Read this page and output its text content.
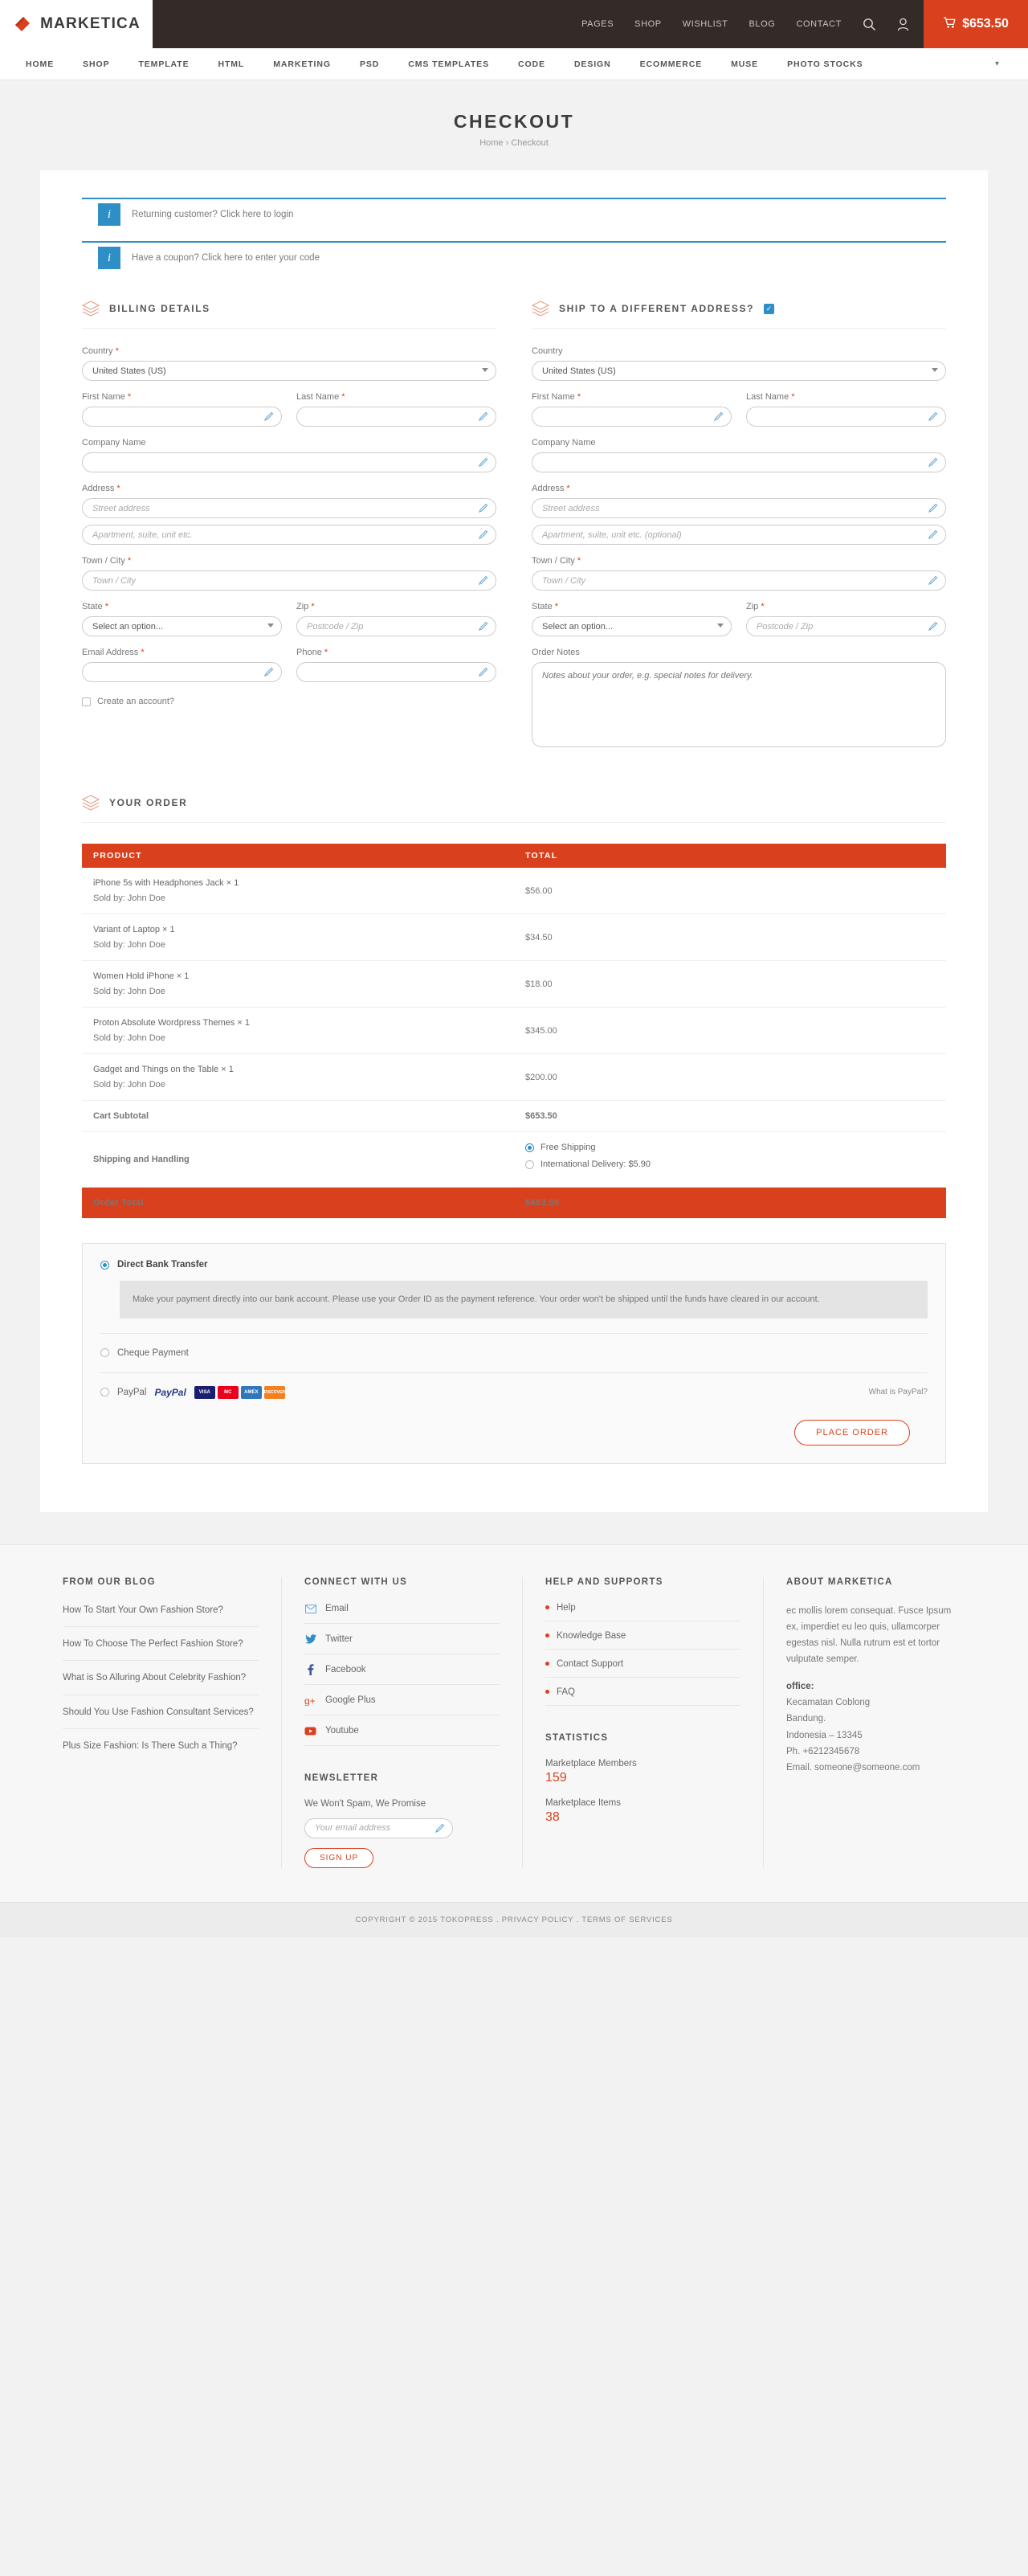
MARKETICA	PAGES SHOP WISHLIST BLOG CONTACT	$653.50
HOME	SHOP	TEMPLATE	HTML	MARKETING	PSD	CMS TEMPLATES	CODE	DESIGN	ECOMMERCE	MUSE	PHOTO STOCKS	▾
CHECKOUT
Home › Checkout
i	Returning customer? Click here to login
i	Have a coupon? Click here to enter your code
BILLING DETAILS
Country *
United States (US)
First Name *	Last Name *
Company Name
Address *
Street address
Apartment, suite, unit etc.
Town / City *
Town / City
State *
Select an option...	Zip *
Postcode / Zip
Email Address *	Phone *
Create an account?
SHIP TO A DIFFERENT ADDRESS?	✓
Country
United States (US)
First Name *	Last Name *
Company Name
Address *
Street address
Apartment, suite, unit etc. (optional)
Town / City *
Town / City
State *
Select an option...	Zip *
Postcode / Zip
Order Notes
Notes about your order, e.g. special notes for delivery.
YOUR ORDER
PRODUCT	TOTAL

iPhone 5s with Headphones Jack × 1
Sold by: John Doe	$56.00

Variant of Laptop × 1
Sold by: John Doe	$34.50

Women Hold iPhone × 1
Sold by: John Doe	$18.00

Proton Absolute Wordpress Themes × 1
Sold by: John Doe	$345.00

Gadget and Things on the Table × 1
Sold by: John Doe	$200.00
Cart Subtotal	$653.50
Shipping and Handling	Free Shipping
International Delivery: $5.90

Order Total	$653.50
Direct Bank Transfer
Make your payment directly into our bank account. Please use your Order ID as the payment reference. Your order won't be shipped until the funds have cleared in our account.
Cheque Payment
PayPal PayPal	VISA	MC	AMEX	DISCOVER	What is PayPal?
PLACE ORDER
FROM OUR BLOG
How To Start Your Own Fashion Store?
How To Choose The Perfect Fashion Store?
What is So Alluring About Celebrity Fashion?
Should You Use Fashion Consultant Services?
Plus Size Fashion: Is There Such a Thing?
CONNECT WITH US
Email
Twitter
Facebook
g+ Google Plus
Youtube
NEWSLETTER
We Won't Spam, We Promise
Your email address
SIGN UP
HELP AND SUPPORTS
Help
Knowledge Base
Contact Support
FAQ
STATISTICS
Marketplace Members
159
Marketplace Items
38
ABOUT MARKETICA
ec mollis lorem consequat. Fusce Ipsum ex, imperdiet eu leo quis, ullamcorper egestas nisl. Nulla rutrum est et tortor vulputate semper.
office:
Kecamatan Coblong
Bandung.
Indonesia – 13345
Ph. +6212345678
Email. someone@someone.com
COPYRIGHT © 2015 TOKOPRESS . PRIVACY POLICY . TERMS OF SERVICES
